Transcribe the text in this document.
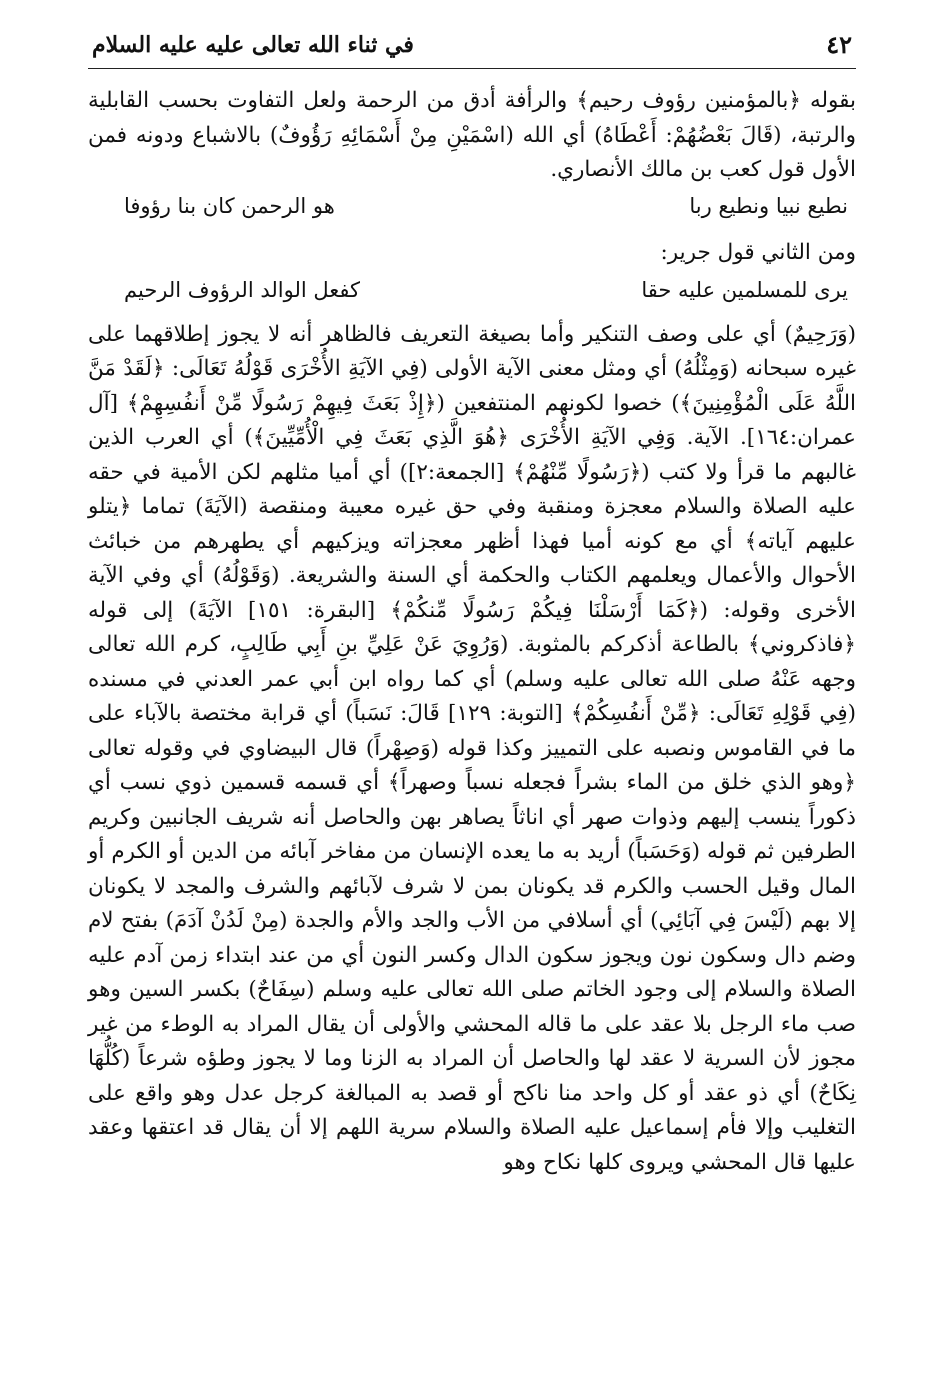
٤٢
في ثناء الله تعالى عليه عليه السلام

بقوله ﴿بالمؤمنين رؤوف رحيم﴾ والرأفة أدق من الرحمة ولعل التفاوت بحسب القابلية والرتبة، (قَالَ بَعْضُهُمْ: أَعْطَاهُ) أي الله (اسْمَيْنِ مِنْ أَسْمَائِهِ رَؤُوفٌ) بالاشباع ودونه فمن الأول قول كعب بن مالك الأنصاري.

نطيع نبيا ونطيع ربا
هو الرحمن كان بنا رؤوفا

ومن الثاني قول جرير:

يرى للمسلمين عليه حقا
كفعل الوالد الرؤوف الرحيم

(وَرَحِيمٌ) أي على وصف التنكير وأما بصيغة التعريف فالظاهر أنه لا يجوز إطلاقهما على غيره سبحانه (وَمِثْلُهُ) أي ومثل معنى الآية الأولى (فِي الآيَةِ الأُخْرَى قَوْلُهُ تَعَالَى: ﴿لَقَدْ مَنَّ اللَّهُ عَلَى الْمُؤْمِنِينَ﴾) خصوا لكونهم المنتفعين (﴿إِذْ بَعَثَ فِيهِمْ رَسُولًا مِّنْ أَنفُسِهِمْ﴾ [آل عمران:١٦٤]. الآية. وَفِي الآيَةِ الأُخْرَى ﴿هُوَ الَّذِي بَعَثَ فِي الْأُمِّيِّينَ﴾) أي العرب الذين غالبهم ما قرأ ولا كتب (﴿رَسُولًا مِّنْهُمْ﴾ [الجمعة:٢]) أي أميا مثلهم لكن الأمية في حقه عليه الصلاة والسلام معجزة ومنقبة وفي حق غيره معيبة ومنقصة (الآيَةَ) تماما ﴿يتلو عليهم آياته﴾ أي مع كونه أميا فهذا أظهر معجزاته ويزكيهم أي يطهرهم من خبائث الأحوال والأعمال ويعلمهم الكتاب والحكمة أي السنة والشريعة. (وَقَوْلُهُ) أي وفي الآية الأخرى وقوله: (﴿كَمَا أَرْسَلْنَا فِيكُمْ رَسُولًا مِّنكُمْ﴾ [البقرة: ١٥١] الآيَةَ) إلى قوله ﴿فاذكروني﴾ بالطاعة أذكركم بالمثوبة. (وَرُوِيَ عَنْ عَلِيِّ بنِ أَبِي طَالِبٍ، كرم الله تعالى وجهه عَنْهُ صلى الله تعالى عليه وسلم) أي كما رواه ابن أبي عمر العدني في مسنده (فِي قَوْلِهِ تَعَالَى: ﴿مِّنْ أَنفُسِكُمْ﴾ [التوبة: ١٢٩] قَالَ: نَسَباً) أي قرابة مختصة بالآباء على ما في القاموس ونصبه على التمييز وكذا قوله (وَصِهْراً) قال البيضاوي في وقوله تعالى ﴿وهو الذي خلق من الماء بشراً فجعله نسباً وصهراً﴾ أي قسمه قسمين ذوي نسب أي ذكوراً ينسب إليهم وذوات صهر أي اناثاً يصاهر بهن والحاصل أنه شريف الجانبين وكريم الطرفين ثم قوله (وَحَسَباً) أريد به ما يعده الإنسان من مفاخر آبائه من الدين أو الكرم أو المال وقيل الحسب والكرم قد يكونان بمن لا شرف لآبائهم والشرف والمجد لا يكونان إلا بهم (لَيْسَ فِي آبَائِي) أي أسلافي من الأب والجد والأم والجدة (مِنْ لَدُنْ آدَمَ) بفتح لام وضم دال وسكون نون ويجوز سكون الدال وكسر النون أي من عند ابتداء زمن آدم عليه الصلاة والسلام إلى وجود الخاتم صلى الله تعالى عليه وسلم (سِفَاحٌ) بكسر السين وهو صب ماء الرجل بلا عقد على ما قاله المحشي والأولى أن يقال المراد به الوطء من غير مجوز لأن السرية لا عقد لها والحاصل أن المراد به الزنا وما لا يجوز وطؤه شرعاً (كُلُّهَا نِكَاحٌ) أي ذو عقد أو كل واحد منا ناكح أو قصد به المبالغة كرجل عدل وهو واقع على التغليب وإلا فأم إسماعيل عليه الصلاة والسلام سرية اللهم إلا أن يقال قد اعتقها وعقد عليها قال المحشي ويروى كلها نكاح وهو
